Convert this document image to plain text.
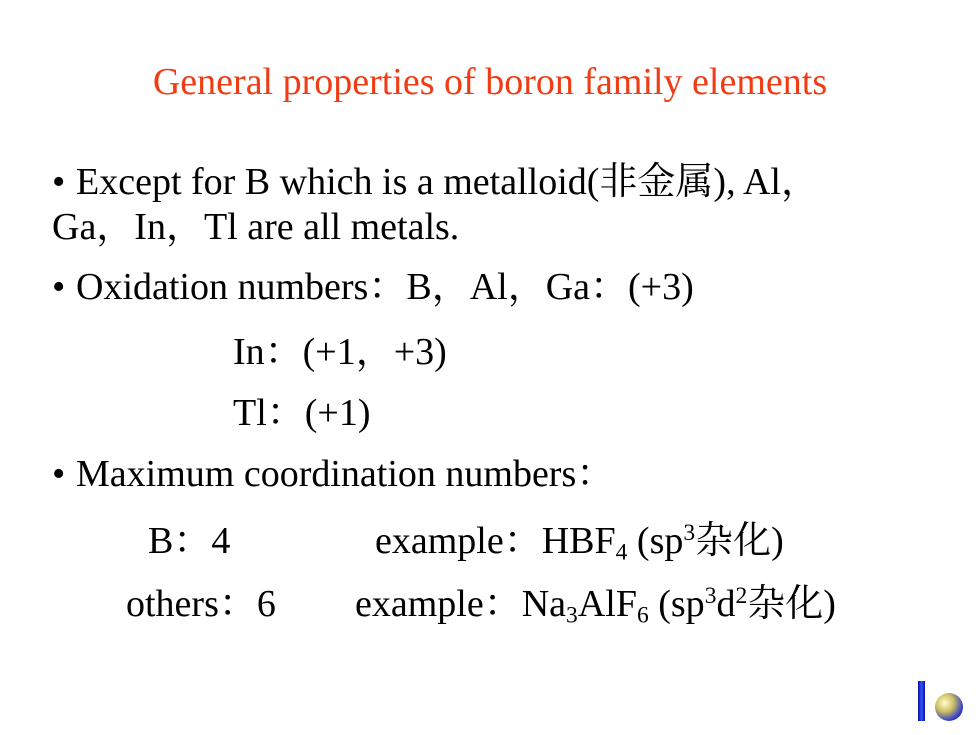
General properties of boron family elements
• Except for B which is a metalloid(非金属), Al，
Ga，In，Tl are all metals.
• Oxidation numbers：B，Al，Ga：(+3)
In：(+1，+3)
Tl：(+1)
• Maximum coordination numbers：
B：4	example：$HBF_4$ ($sp^3$杂化)
others：6 example：$Na_3AlF_6$ ($sp^3d^2$杂化)
